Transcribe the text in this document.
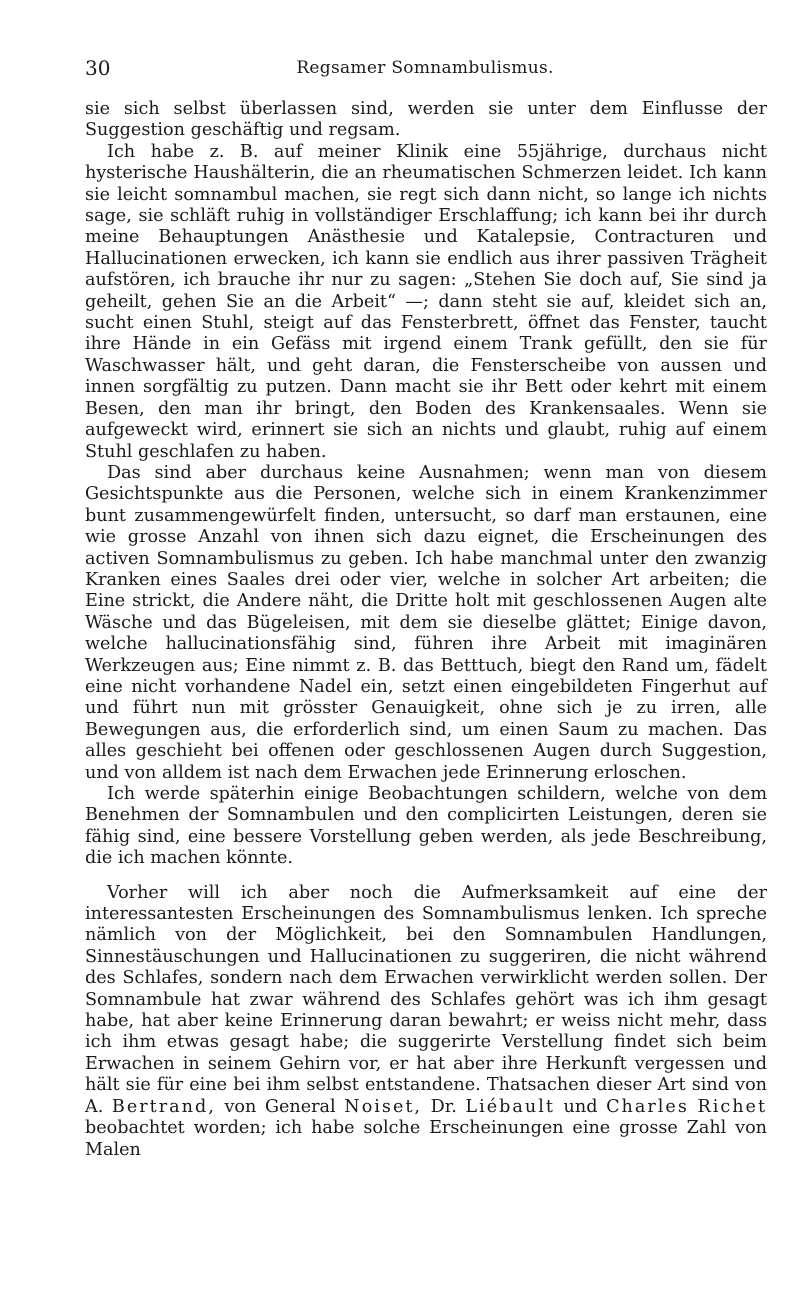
30	Regsamer Somnambulismus.

sie sich selbst überlassen sind, werden sie unter dem Einflusse der Suggestion geschäftig und regsam.

Ich habe z. B. auf meiner Klinik eine 55jährige, durchaus nicht hysterische Haushälterin, die an rheumatischen Schmerzen leidet. Ich kann sie leicht somnambul machen, sie regt sich dann nicht, so lange ich nichts sage, sie schläft ruhig in vollständiger Erschlaffung; ich kann bei ihr durch meine Behauptungen Anästhesie und Katalepsie, Contracturen und Hallucinationen erwecken, ich kann sie endlich aus ihrer passiven Trägheit aufstören, ich brauche ihr nur zu sagen: „Stehen Sie doch auf, Sie sind ja geheilt, gehen Sie an die Arbeit“ —; dann steht sie auf, kleidet sich an, sucht einen Stuhl, steigt auf das Fensterbrett, öffnet das Fenster, taucht ihre Hände in ein Gefäss mit irgend einem Trank gefüllt, den sie für Waschwasser hält, und geht daran, die Fensterscheibe von aussen und innen sorgfältig zu putzen. Dann macht sie ihr Bett oder kehrt mit einem Besen, den man ihr bringt, den Boden des Krankensaales. Wenn sie aufgeweckt wird, erinnert sie sich an nichts und glaubt, ruhig auf einem Stuhl geschlafen zu haben.

Das sind aber durchaus keine Ausnahmen; wenn man von diesem Gesichtspunkte aus die Personen, welche sich in einem Krankenzimmer bunt zusammengewürfelt finden, untersucht, so darf man erstaunen, eine wie grosse Anzahl von ihnen sich dazu eignet, die Erscheinungen des activen Somnambulismus zu geben. Ich habe manchmal unter den zwanzig Kranken eines Saales drei oder vier, welche in solcher Art arbeiten; die Eine strickt, die Andere näht, die Dritte holt mit geschlossenen Augen alte Wäsche und das Bügeleisen, mit dem sie dieselbe glättet; Einige davon, welche hallucinationsfähig sind, führen ihre Arbeit mit imaginären Werkzeugen aus; Eine nimmt z. B. das Betttuch, biegt den Rand um, fädelt eine nicht vorhandene Nadel ein, setzt einen eingebildeten Fingerhut auf und führt nun mit grösster Genauigkeit, ohne sich je zu irren, alle Bewegungen aus, die erforderlich sind, um einen Saum zu machen. Das alles geschieht bei offenen oder geschlossenen Augen durch Suggestion, und von alldem ist nach dem Erwachen jede Erinnerung erloschen.

Ich werde späterhin einige Beobachtungen schildern, welche von dem Benehmen der Somnambulen und den complicirten Leistungen, deren sie fähig sind, eine bessere Vorstellung geben werden, als jede Beschreibung, die ich machen könnte.

Vorher will ich aber noch die Aufmerksamkeit auf eine der interessantesten Erscheinungen des Somnambulismus lenken. Ich spreche nämlich von der Möglichkeit, bei den Somnambulen Handlungen, Sinnestäuschungen und Hallucinationen zu suggeriren, die nicht während des Schlafes, sondern nach dem Erwachen verwirklicht werden sollen. Der Somnambule hat zwar während des Schlafes gehört was ich ihm gesagt habe, hat aber keine Erinnerung daran bewahrt; er weiss nicht mehr, dass ich ihm etwas gesagt habe; die suggerirte Verstellung findet sich beim Erwachen in seinem Gehirn vor, er hat aber ihre Herkunft vergessen und hält sie für eine bei ihm selbst entstandene. Thatsachen dieser Art sind von A. Bertrand, von General Noiset, Dr. Liébault und Charles Richet beobachtet worden; ich habe solche Erscheinungen eine grosse Zahl von Malen
